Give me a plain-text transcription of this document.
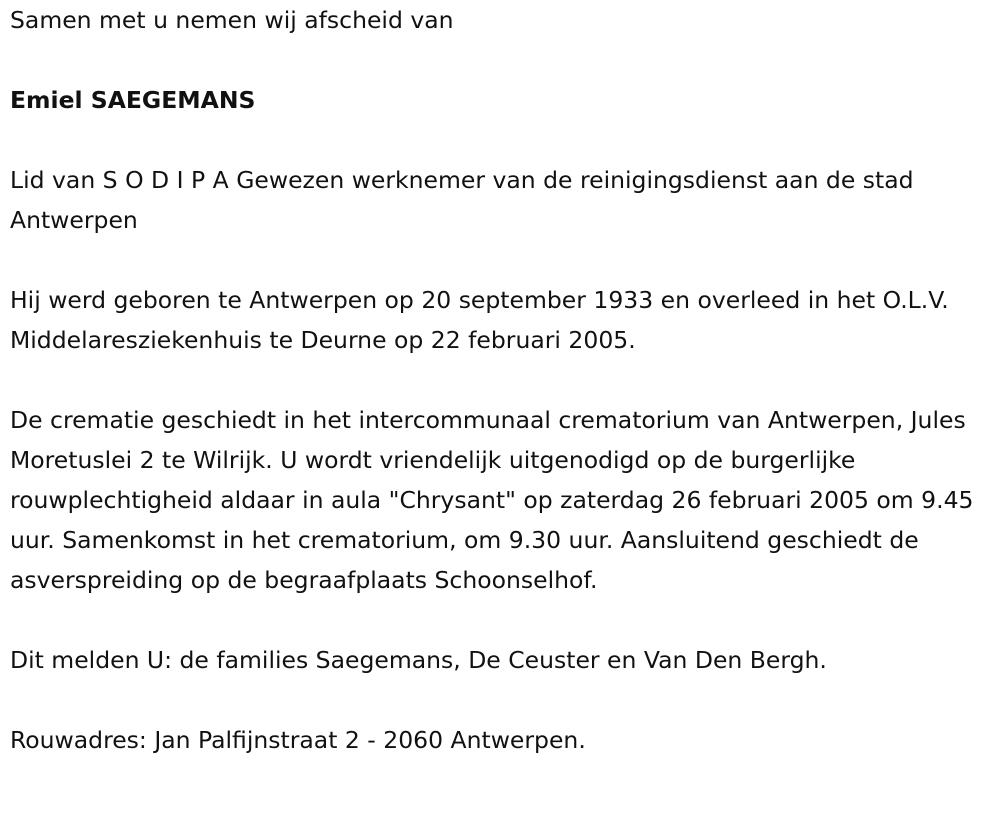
Samen met u nemen wij afscheid van

Emiel SAEGEMANS

Lid van S O D I P A Gewezen werknemer van de reinigingsdienst aan de stad Antwerpen

Hij werd geboren te Antwerpen op 20 september 1933 en overleed in het O.L.V. Middelaresziekenhuis te Deurne op 22 februari 2005.

De crematie geschiedt in het intercommunaal crematorium van Antwerpen, Jules Moretuslei 2 te Wilrijk. U wordt vriendelijk uitgenodigd op de burgerlijke rouwplechtigheid aldaar in aula "Chrysant" op zaterdag 26 februari 2005 om 9.45 uur. Samenkomst in het crematorium, om 9.30 uur. Aansluitend geschiedt de asverspreiding op de begraafplaats Schoonselhof.

Dit melden U: de families Saegemans, De Ceuster en Van Den Bergh.

Rouwadres: Jan Palfijnstraat 2 - 2060 Antwerpen.
